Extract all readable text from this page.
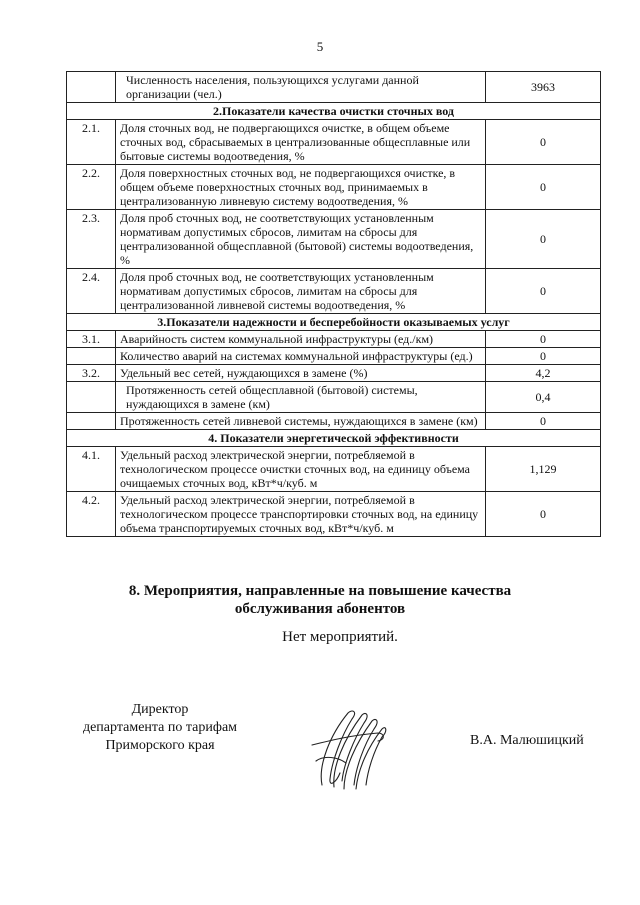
5
	Численность населения, пользующихся услугами данной организации (чел.)	3963
2.Показатели качества очистки сточных вод		
2.1.	Доля сточных вод, не подвергающихся очистке, в общем объеме сточных вод, сбрасываемых в централизованные общесплавные или бытовые системы водоотведения, %	0
2.2.	Доля поверхностных сточных вод, не подвергающихся очистке, в общем объеме поверхностных сточных вод, принимаемых в централизованную ливневую систему водоотведения, %	0
2.3.	Доля проб сточных вод, не соответствующих установленным нормативам допустимых сбросов, лимитам на сбросы для централизованной общесплавной (бытовой) системы водоотведения, %	0
2.4.	Доля проб сточных вод, не соответствующих установленным нормативам допустимых сбросов, лимитам на сбросы для централизованной ливневой системы водоотведения, %	0
3.Показатели надежности и бесперебойности оказываемых услуг		
3.1.	Аварийность систем коммунальной инфраструктуры (ед./км)	0
	Количество аварий на системах коммунальной инфраструктуры (ед.)	0
3.2.	Удельный вес сетей, нуждающихся в замене (%)	4,2
	Протяженность сетей общесплавной (бытовой) системы, нуждающихся в замене (км)	0,4
	Протяженность сетей ливневой системы, нуждающихся в замене (км)	0
4. Показатели энергетической эффективности		
4.1.	Удельный расход электрической энергии, потребляемой в технологическом процессе очистки сточных вод, на единицу объема очищаемых сточных вод, кВт*ч/куб. м	1,129
4.2.	Удельный расход электрической энергии, потребляемой в технологическом процессе транспортировки сточных вод, на единицу объема транспортируемых сточных вод, кВт*ч/куб. м	0
8. Мероприятия, направленные на повышение качества
обслуживания абонентов
Нет мероприятий.
Директор
департамента по тарифам
Приморского края	В.А. Малюшицкий
